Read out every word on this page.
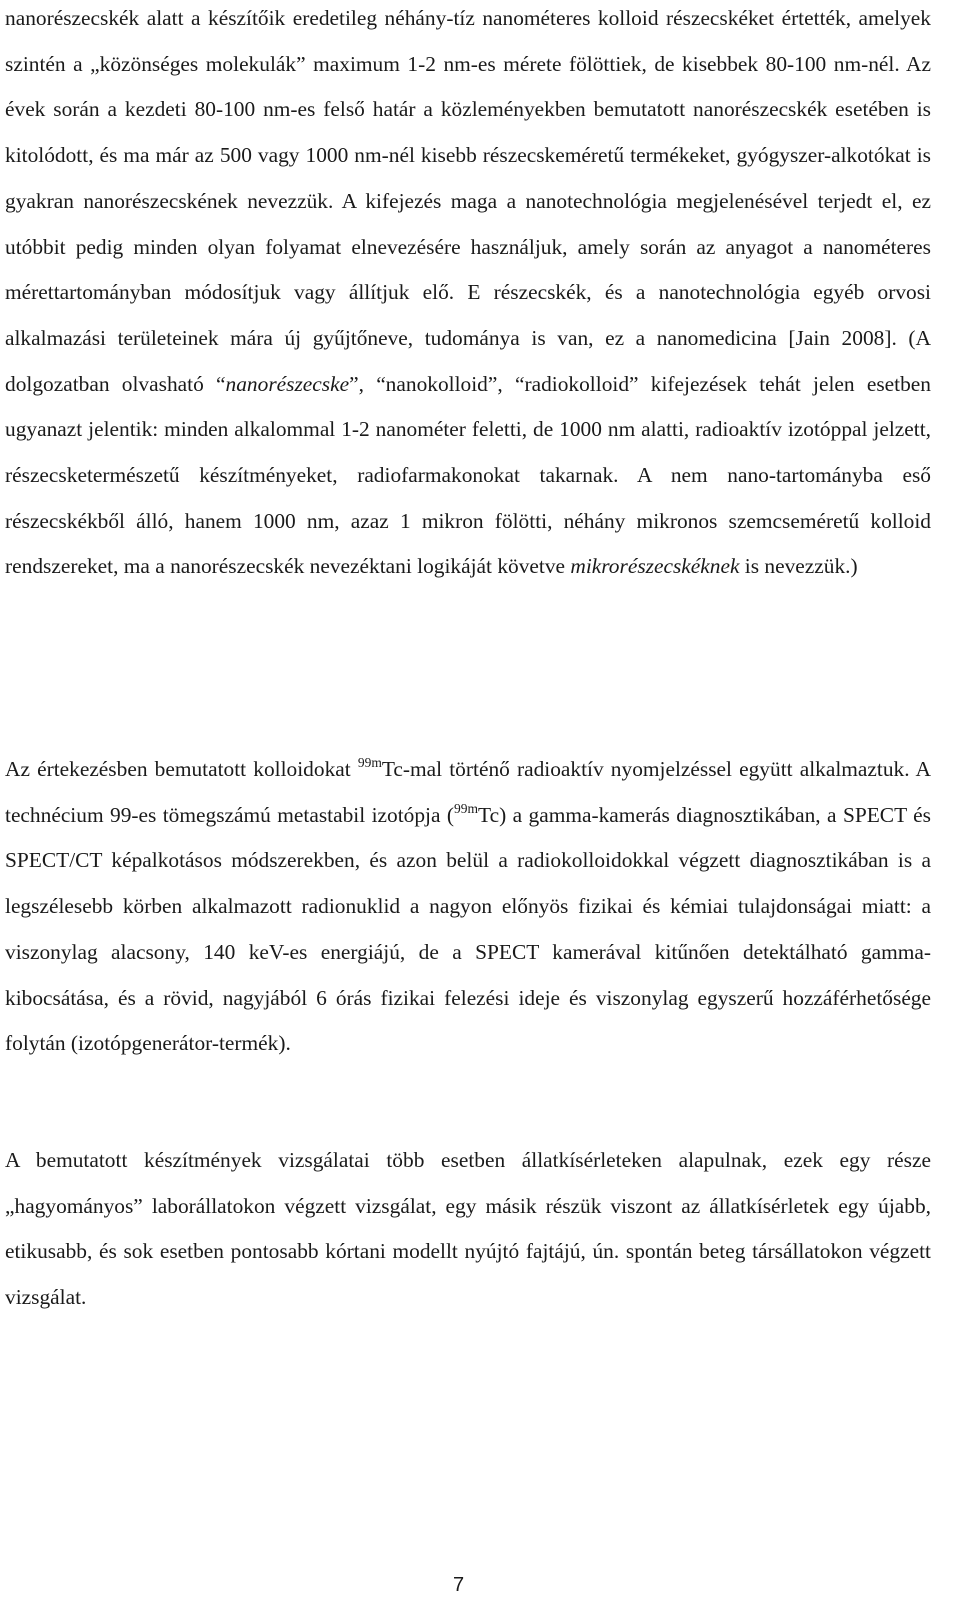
nanorészecskék alatt a készítőik eredetileg néhány-tíz nanométeres kolloid részecskéket értették, amelyek szintén a „közönséges molekulák” maximum 1-2 nm-es mérete fölöttiek, de kisebbek 80-100 nm-nél. Az évek során a kezdeti 80-100 nm-es felső határ a közleményekben bemutatott nanorészecskék esetében is kitolódott, és ma már az 500 vagy 1000 nm-nél kisebb részecskeméretű termékeket, gyógyszer-alkotókat is gyakran nanorészecskének nevezzük. A kifejezés maga a nanotechnológia megjelenésével terjedt el, ez utóbbit pedig minden olyan folyamat elnevezésére használjuk, amely során az anyagot a nanométeres mérettartományban módosítjuk vagy állítjuk elő. E részecskék, és a nanotechnológia egyéb orvosi alkalmazási területeinek mára új gyűjtőneve, tudománya is van, ez a nanomedicina [Jain 2008]. (A dolgozatban olvasható “nanorészecske”, “nanokolloid”, “radiokolloid” kifejezések tehát jelen esetben ugyanazt jelentik: minden alkalommal 1-2 nanométer feletti, de 1000 nm alatti, radioaktív izotóppal jelzett, részecsketermészetű készítményeket, radiofarmakonokat takarnak. A nem nano-tartományba eső részecskékből álló, hanem 1000 nm, azaz 1 mikron fölötti, néhány mikronos szemcseméretű kolloid rendszereket, ma a nanorészecskék nevezéktani logikáját követve mikrorészecskéknek is nevezzük.)

Az értekezésben bemutatott kolloidokat $^{99m}$Tc-mal történő radioaktív nyomjelzéssel együtt alkalmaztuk. A technécium 99-es tömegszámú metastabil izotópja ($^{99m}$Tc) a gamma-kamerás diagnosztikában, a SPECT és SPECT/CT képalkotásos módszerekben, és azon belül a radiokolloidokkal végzett diagnosztikában is a legszélesebb körben alkalmazott radionuklid a nagyon előnyös fizikai és kémiai tulajdonságai miatt: a viszonylag alacsony, 140 keV-es energiájú, de a SPECT kamerával kitűnően detektálható gamma-kibocsátása, és a rövid, nagyjából 6 órás fizikai felezési ideje és viszonylag egyszerű hozzáférhetősége folytán (izotópgenerátor-termék).

A bemutatott készítmények vizsgálatai több esetben állatkísérleteken alapulnak, ezek egy része „hagyományos” laborállatokon végzett vizsgálat, egy másik részük viszont az állatkísérletek egy újabb, etikusabb, és sok esetben pontosabb kórtani modellt nyújtó fajtájú, ún. spontán beteg társállatokon végzett vizsgálat.

7
